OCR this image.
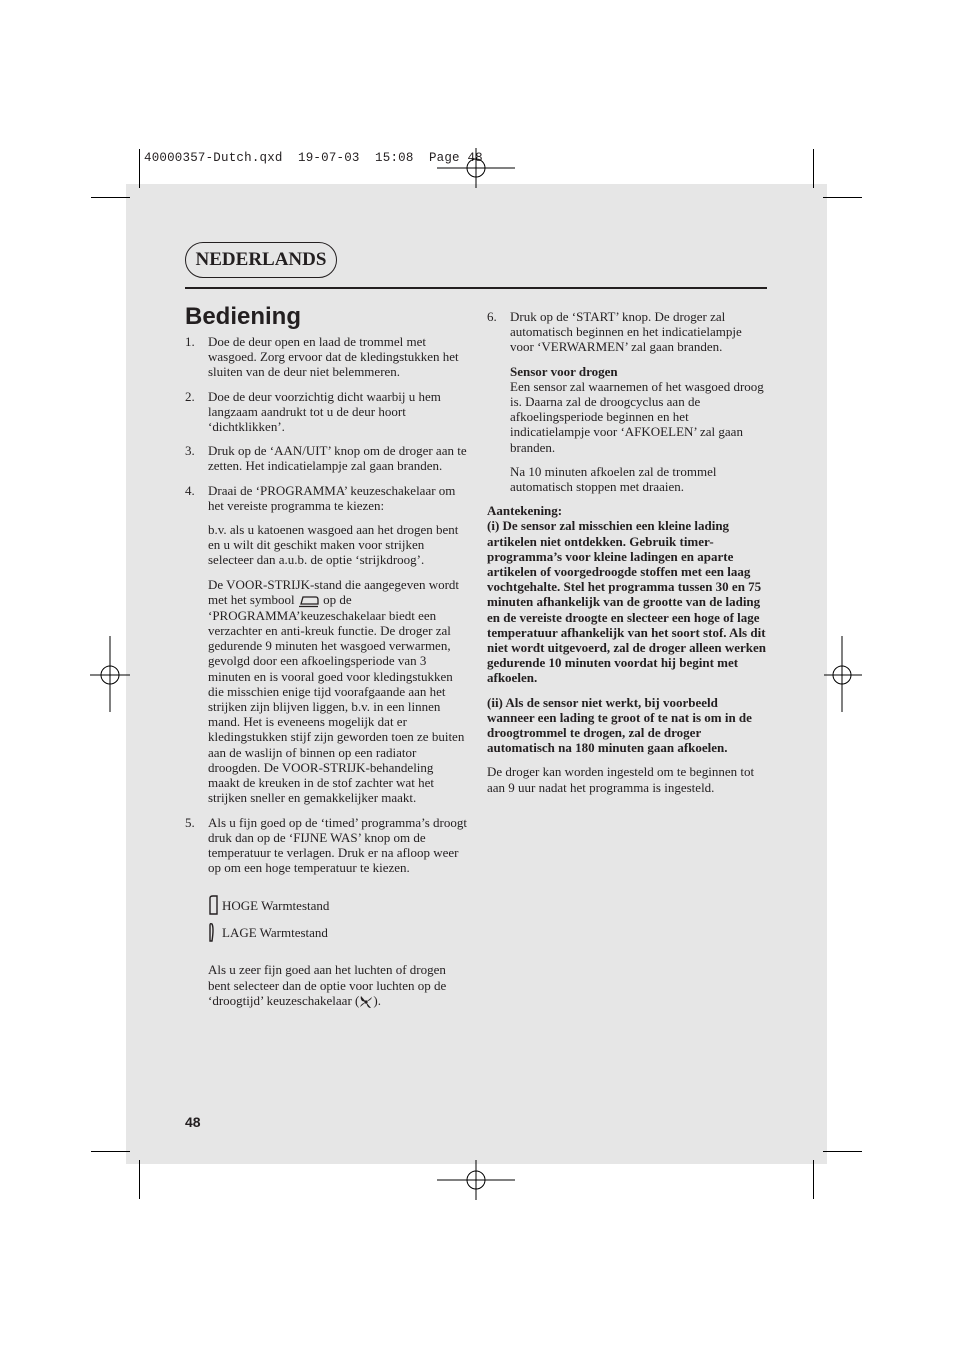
40000357-Dutch.qxd  19-07-03  15:08  Page 48
NEDERLANDS
Bediening
1. Doe de deur open en laad de trommel met wasgoed. Zorg ervoor dat de kledingstukken het sluiten van de deur niet belemmeren.

2. Doe de deur voorzichtig dicht waarbij u hem langzaam aandrukt tot u de deur hoort ‘dichtklikken’.

3. Druk op de ‘AAN/UIT’ knop om de droger aan te zetten. Het indicatielampje zal gaan branden.

4. Draai de ‘PROGRAMMA’ keuzeschakelaar om het vereiste programma te kiezen:

b.v. als u katoenen wasgoed aan het drogen bent en u wilt dit geschikt maken voor strijken selecteer dan a.u.b. de optie ‘strijkdroog’.

De VOOR-STRIJK-stand die aangegeven wordt met het symbool op de ‘PROGRAMMA’keuzeschakelaar biedt een verzachter en anti-kreuk functie. De droger zal gedurende 9 minuten het wasgoed verwarmen, gevolgd door een afkoelingsperiode van 3 minuten en is vooral goed voor kledingstukken die misschien enige tijd voorafgaande aan het strijken zijn blijven liggen, b.v. in een linnen mand. Het is eveneens mogelijk dat er kledingstukken stijf zijn geworden toen ze buiten aan de waslijn of binnen op een radiator droogden. De VOOR-STRIJK-behandeling maakt de kreuken in de stof zachter wat het strijken sneller en gemakkelijker maakt.

5. Als u fijn goed op de ‘timed’ programma’s droogt druk dan op de ‘FIJNE WAS’ knop om de temperatuur te verlagen. Druk er na afloop weer op om een hoge temperatuur te kiezen.

HOGE Warmtestand
LAGE Warmtestand

Als u zeer fijn goed aan het luchten of drogen bent selecteer dan de optie voor luchten op de ‘droogtijd’ keuzeschakelaar ( ).

6. Druk op de ‘START’ knop. De droger zal automatisch beginnen en het indicatielampje voor ‘VERWARMEN’ zal gaan branden.

Sensor voor drogen

Een sensor zal waarnemen of het wasgoed droog is. Daarna zal de droogcyclus aan de afkoelingsperiode beginnen en het indicatielampje voor ‘AFKOELEN’ zal gaan branden.

Na 10 minuten afkoelen zal de trommel automatisch stoppen met draaien.

Aantekening:

(i) De sensor zal misschien een kleine lading artikelen niet ontdekken. Gebruik timer-programma’s voor kleine ladingen en aparte artikelen of voorgedroogde stoffen met een laag vochtgehalte. Stel het programma tussen 30 en 75 minuten afhankelijk van de grootte van de lading en de vereiste droogte en slecteer een hoge of lage temperatuur afhankelijk van het soort stof. Als dit niet wordt uitgevoerd, zal de droger alleen werken gedurende 10 minuten voordat hij begint met afkoelen.

(ii) Als de sensor niet werkt, bij voorbeeld wanneer een lading te groot of te nat is om in de droogtrommel te drogen, zal de droger automatisch na 180 minuten gaan afkoelen.

De droger kan worden ingesteld om te beginnen tot aan 9 uur nadat het programma is ingesteld.

48
